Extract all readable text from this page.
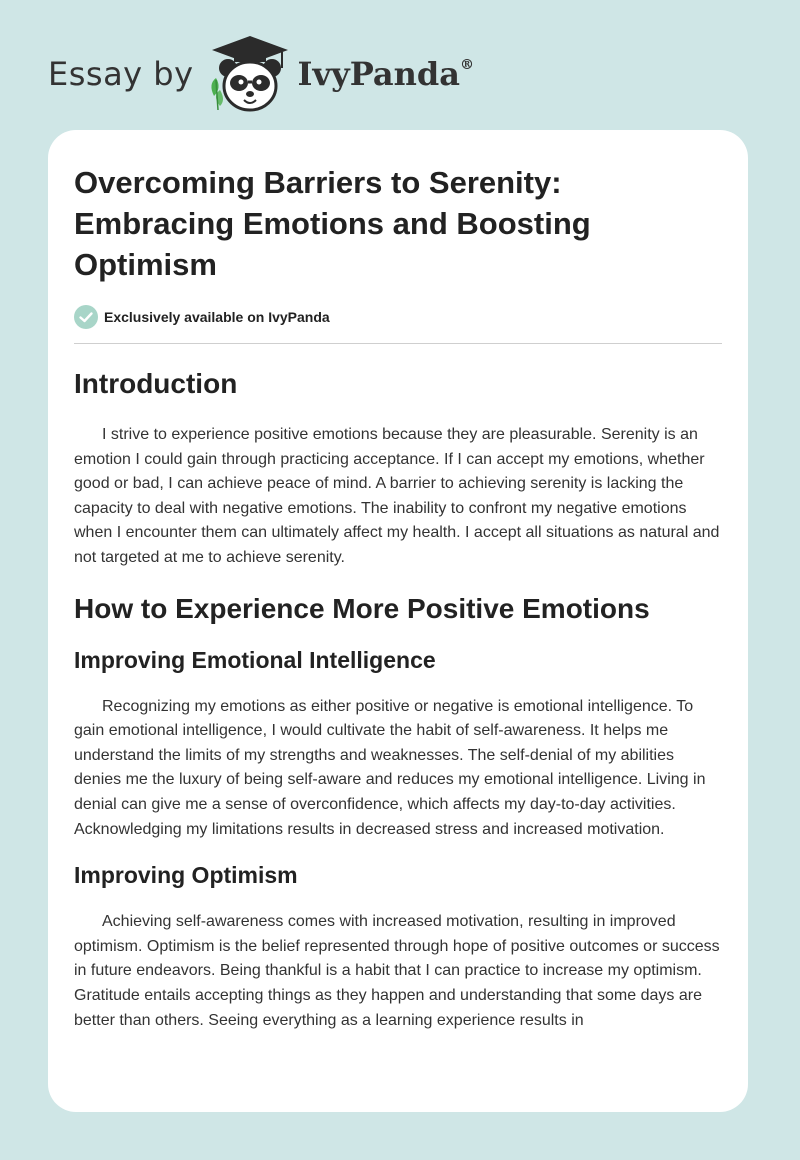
Essay by	IvyPanda®
Overcoming Barriers to Serenity: Embracing Emotions and Boosting Optimism
Exclusively available on IvyPanda
Introduction

I strive to experience positive emotions because they are pleasurable. Serenity is an emotion I could gain through practicing acceptance. If I can accept my emotions, whether good or bad, I can achieve peace of mind. A barrier to achieving serenity is lacking the capacity to deal with negative emotions. The inability to confront my negative emotions when I encounter them can ultimately affect my health. I accept all situations as natural and not targeted at me to achieve serenity.

How to Experience More Positive Emotions
Improving Emotional Intelligence

Recognizing my emotions as either positive or negative is emotional intelligence. To gain emotional intelligence, I would cultivate the habit of self-awareness. It helps me understand the limits of my strengths and weaknesses. The self-denial of my abilities denies me the luxury of being self-aware and reduces my emotional intelligence. Living in denial can give me a sense of overconfidence, which affects my day-to-day activities. Acknowledging my limitations results in decreased stress and increased motivation.

Improving Optimism

Achieving self-awareness comes with increased motivation, resulting in improved optimism. Optimism is the belief represented through hope of positive outcomes or success in future endeavors. Being thankful is a habit that I can practice to increase my optimism. Gratitude entails accepting things as they happen and understanding that some days are better than others. Seeing everything as a learning experience results in
